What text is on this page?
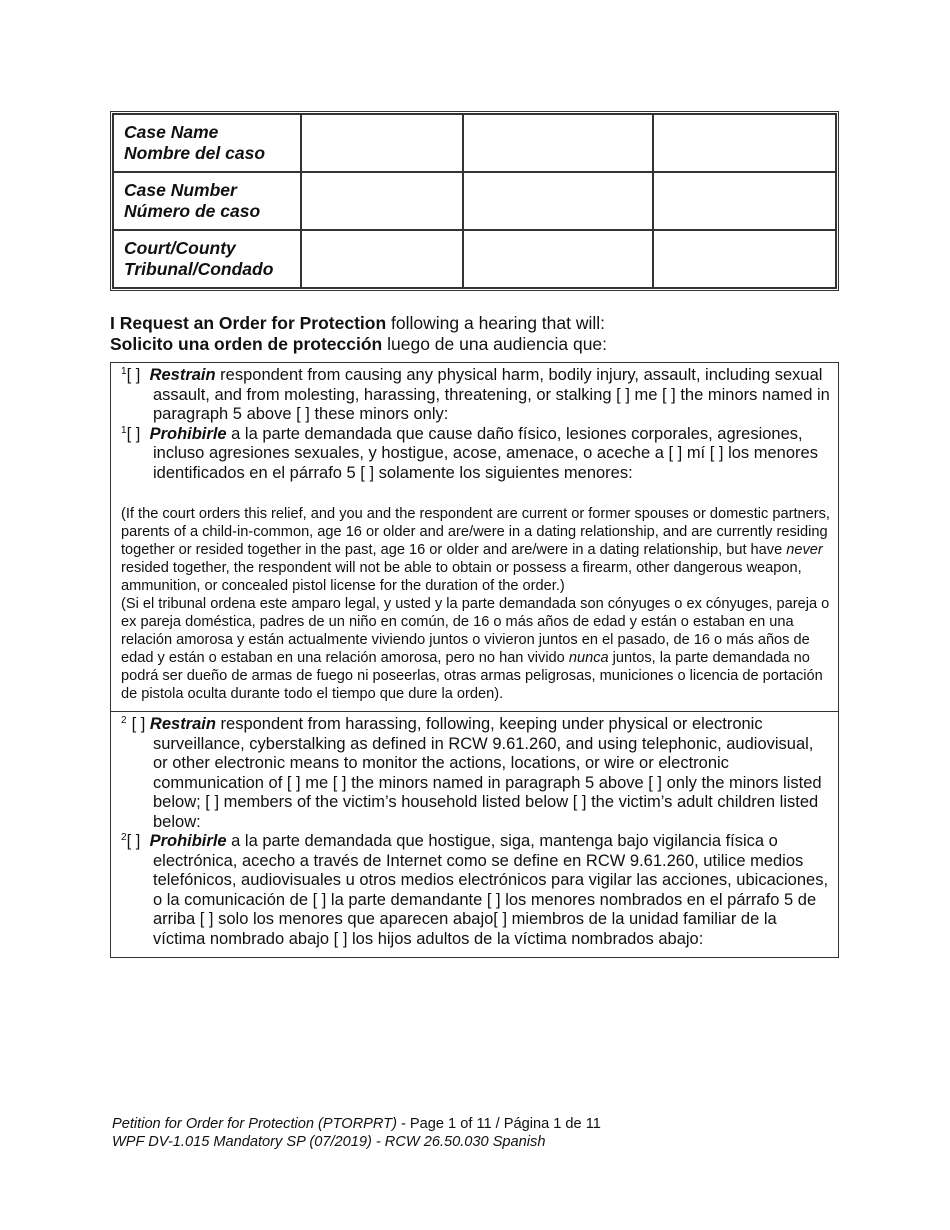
Case Name
Nombre del caso			
Case Number
Número de caso			
Court/County
Tribunal/Condado			
I Request an Order for Protection following a hearing that will:
Solicito una orden de protección luego de una audiencia que:
$^1$[ ] Restrain respondent from causing any physical harm, bodily injury, assault, including sexual assault, and from molesting, harassing, threatening, or stalking [ ] me [ ] the minors named in paragraph 5 above [ ] these minors only:
$^1$[ ] Prohibirle a la parte demandada que cause daño físico, lesiones corporales, agresiones, incluso agresiones sexuales, y hostigue, acose, amenace, o aceche a [ ] mí [ ] los menores identificados en el párrafo 5 [ ] solamente los siguientes menores:
(If the court orders this relief, and you and the respondent are current or former spouses or domestic partners, parents of a child-in-common, age 16 or older and are/were in a dating relationship, and are currently residing together or resided together in the past, age 16 or older and are/were in a dating relationship, but have never resided together, the respondent will not be able to obtain or possess a firearm, other dangerous weapon, ammunition, or concealed pistol license for the duration of the order.)
(Si el tribunal ordena este amparo legal, y usted y la parte demandada son cónyuges o ex cónyuges, pareja o ex pareja doméstica, padres de un niño en común, de 16 o más años de edad y están o estaban en una relación amorosa y están actualmente viviendo juntos o vivieron juntos en el pasado, de 16 o más años de edad y están o estaban en una relación amorosa, pero no han vivido nunca juntos, la parte demandada no podrá ser dueño de armas de fuego ni poseerlas, otras armas peligrosas, municiones o licencia de portación de pistola oculta durante todo el tiempo que dure la orden).
$^2$ [ ] Restrain respondent from harassing, following, keeping under physical or electronic surveillance, cyberstalking as defined in RCW 9.61.260, and using telephonic, audiovisual, or other electronic means to monitor the actions, locations, or wire or electronic communication of [ ] me [ ] the minors named in paragraph 5 above [ ] only the minors listed below; [ ] members of the victim’s household listed below [ ] the victim’s adult children listed below:
$^2$[ ] Prohibirle a la parte demandada que hostigue, siga, mantenga bajo vigilancia física o electrónica, acecho a través de Internet como se define en RCW 9.61.260, utilice medios telefónicos, audiovisuales u otros medios electrónicos para vigilar las acciones, ubicaciones, o la comunicación de [ ] la parte demandante [ ] los menores nombrados en el párrafo 5 de arriba [ ] solo los menores que aparecen abajo[ ] miembros de la unidad familiar de la víctima nombrado abajo [ ] los hijos adultos de la víctima nombrados abajo:
Petition for Order for Protection (PTORPRT) - Page 1 of 11 / Página 1 de 11
WPF DV-1.015 Mandatory SP (07/2019) - RCW 26.50.030 Spanish
